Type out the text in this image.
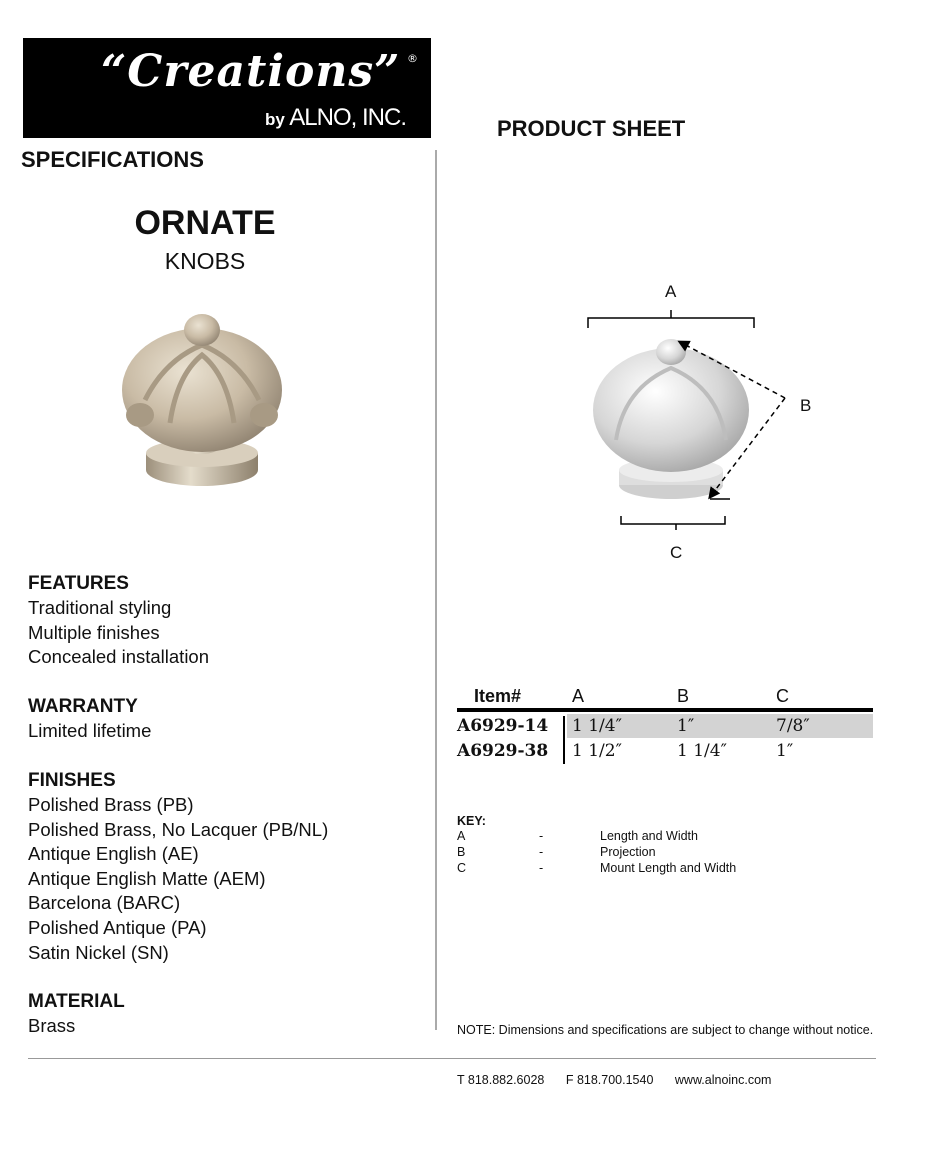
“Creations” ®
by ALNO, INC.
SPECIFICATIONS
PRODUCT SHEET
ORNATE
KNOBS
FEATURES
Traditional styling
Multiple finishes
Concealed installation
WARRANTY
Limited lifetime
FINISHES
Polished Brass (PB)
Polished Brass, No Lacquer (PB/NL)
Antique English (AE)
Antique English Matte (AEM)
Barcelona (BARC)
Polished Antique (PA)
Satin Nickel (SN)
MATERIAL
Brass
A
B
C
Item#	A	B	C
A6929-14 1 1/4″	1″	7/8″
A6929-38 1 1/2″	1 1/4″	1″
KEY:
A	-	Length and Width
B	-	Projection
C	-	Mount Length and Width
NOTE: Dimensions and specifications are subject to change without notice.
T 818.882.6028 F 818.700.1540 www.alnoinc.com
